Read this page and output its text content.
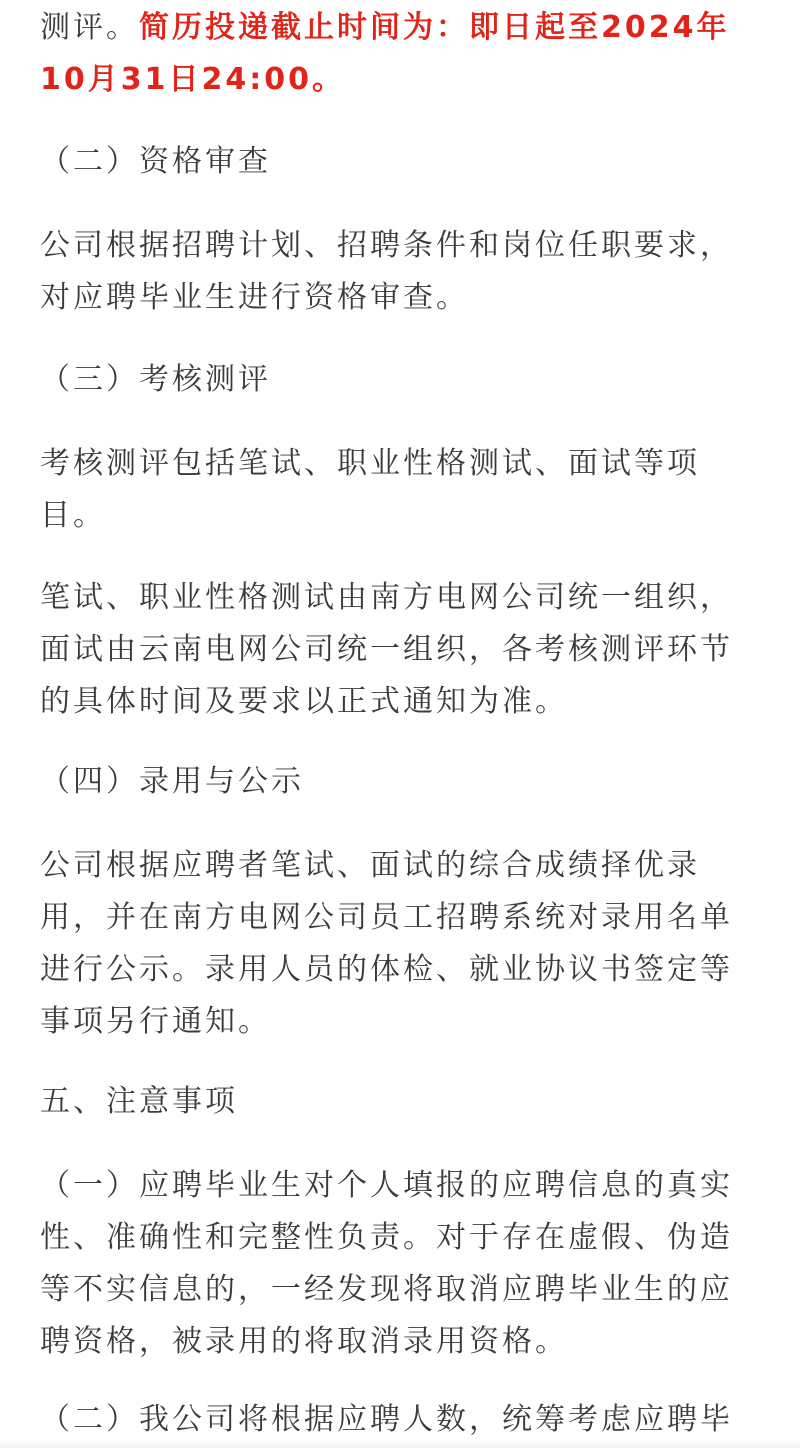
测评。简历投递截止时间为：即日起至2024年
10月31日24:00。

（二）资格审查

公司根据招聘计划、招聘条件和岗位任职要求，
对应聘毕业生进行资格审查。

（三）考核测评

考核测评包括笔试、职业性格测试、面试等项
目。

笔试、职业性格测试由南方电网公司统一组织，
面试由云南电网公司统一组织，各考核测评环节
的具体时间及要求以正式通知为准。

（四）录用与公示

公司根据应聘者笔试、面试的综合成绩择优录
用，并在南方电网公司员工招聘系统对录用名单
进行公示。录用人员的体检、就业协议书签定等
事项另行通知。

五、注意事项

（一）应聘毕业生对个人填报的应聘信息的真实
性、准确性和完整性负责。对于存在虚假、伪造
等不实信息的，一经发现将取消应聘毕业生的应
聘资格，被录用的将取消录用资格。

（二）我公司将根据应聘人数，统筹考虑应聘毕
